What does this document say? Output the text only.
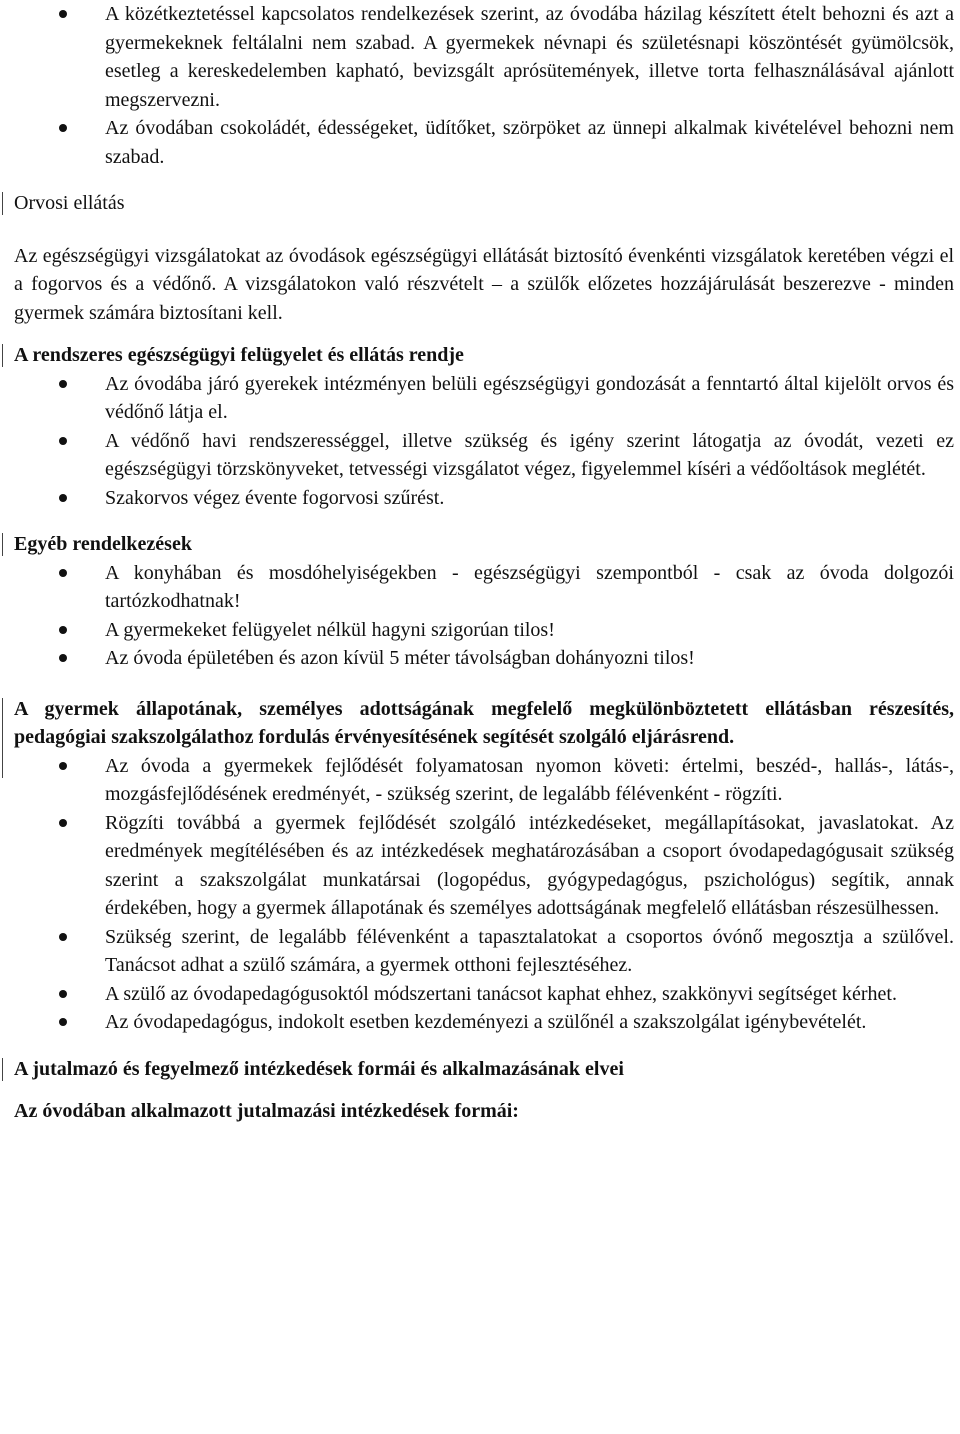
A közétkeztetéssel kapcsolatos rendelkezések szerint, az óvodába házilag készített ételt behozni és azt a gyermekeknek feltálalni nem szabad. A gyermekek névnapi és születésnapi köszöntését gyümölcsök, esetleg a kereskedelemben kapható, bevizsgált aprósütemények, illetve torta felhasználásával ajánlott megszervezni.
Az óvodában csokoládét, édességeket, üdítőket, szörpöket az ünnepi alkalmak kivételével behozni nem szabad.
Orvosi ellátás

Az egészségügyi vizsgálatokat az óvodások egészségügyi ellátását biztosító évenkénti vizsgálatok keretében végzi el a fogorvos és a védőnő. A vizsgálatokon való részvételt – a szülők előzetes hozzájárulását beszerezve - minden gyermek számára biztosítani kell.

A rendszeres egészségügyi felügyelet és ellátás rendje
Az óvodába járó gyerekek intézményen belüli egészségügyi gondozását a fenntartó által kijelölt orvos és védőnő látja el.
A védőnő havi rendszerességgel, illetve szükség és igény szerint látogatja az óvodát, vezeti ez egészségügyi törzskönyveket, tetvességi vizsgálatot végez, figyelemmel kíséri a védőoltások meglétét.
Szakorvos végez évente fogorvosi szűrést.
Egyéb rendelkezések
A konyhában és mosdóhelyiségekben - egészségügyi szempontból - csak az óvoda dolgozói tartózkodhatnak!
A gyermekeket felügyelet nélkül hagyni szigorúan tilos!
Az óvoda épületében és azon kívül 5 méter távolságban dohányozni tilos!
A gyermek állapotának, személyes adottságának megfelelő megkülönböztetett ellátásban részesítés, pedagógiai szakszolgálathoz fordulás érvényesítésének segítését szolgáló eljárásrend.
Az óvoda a gyermekek fejlődését folyamatosan nyomon követi: értelmi, beszéd-, hallás-, látás-, mozgásfejlődésének eredményét, - szükség szerint, de legalább félévenként - rögzíti.
Rögzíti továbbá a gyermek fejlődését szolgáló intézkedéseket, megállapításokat, javaslatokat. Az eredmények megítélésében és az intézkedések meghatározásában a csoport óvodapedagógusait szükség szerint a szakszolgálat munkatársai (logopédus, gyógypedagógus, pszichológus) segítik, annak érdekében, hogy a gyermek állapotának és személyes adottságának megfelelő ellátásban részesülhessen.
Szükség szerint, de legalább félévenként a tapasztalatokat a csoportos óvónő megosztja a szülővel. Tanácsot adhat a szülő számára, a gyermek otthoni fejlesztéséhez.
A szülő az óvodapedagógusoktól módszertani tanácsot kaphat ehhez, szakkönyvi segítséget kérhet.
Az óvodapedagógus, indokolt esetben kezdeményezi a szülőnél a szakszolgálat igénybevételét.
A jutalmazó és fegyelmező intézkedések formái és alkalmazásának elvei
Az óvodában alkalmazott jutalmazási intézkedések formái:
